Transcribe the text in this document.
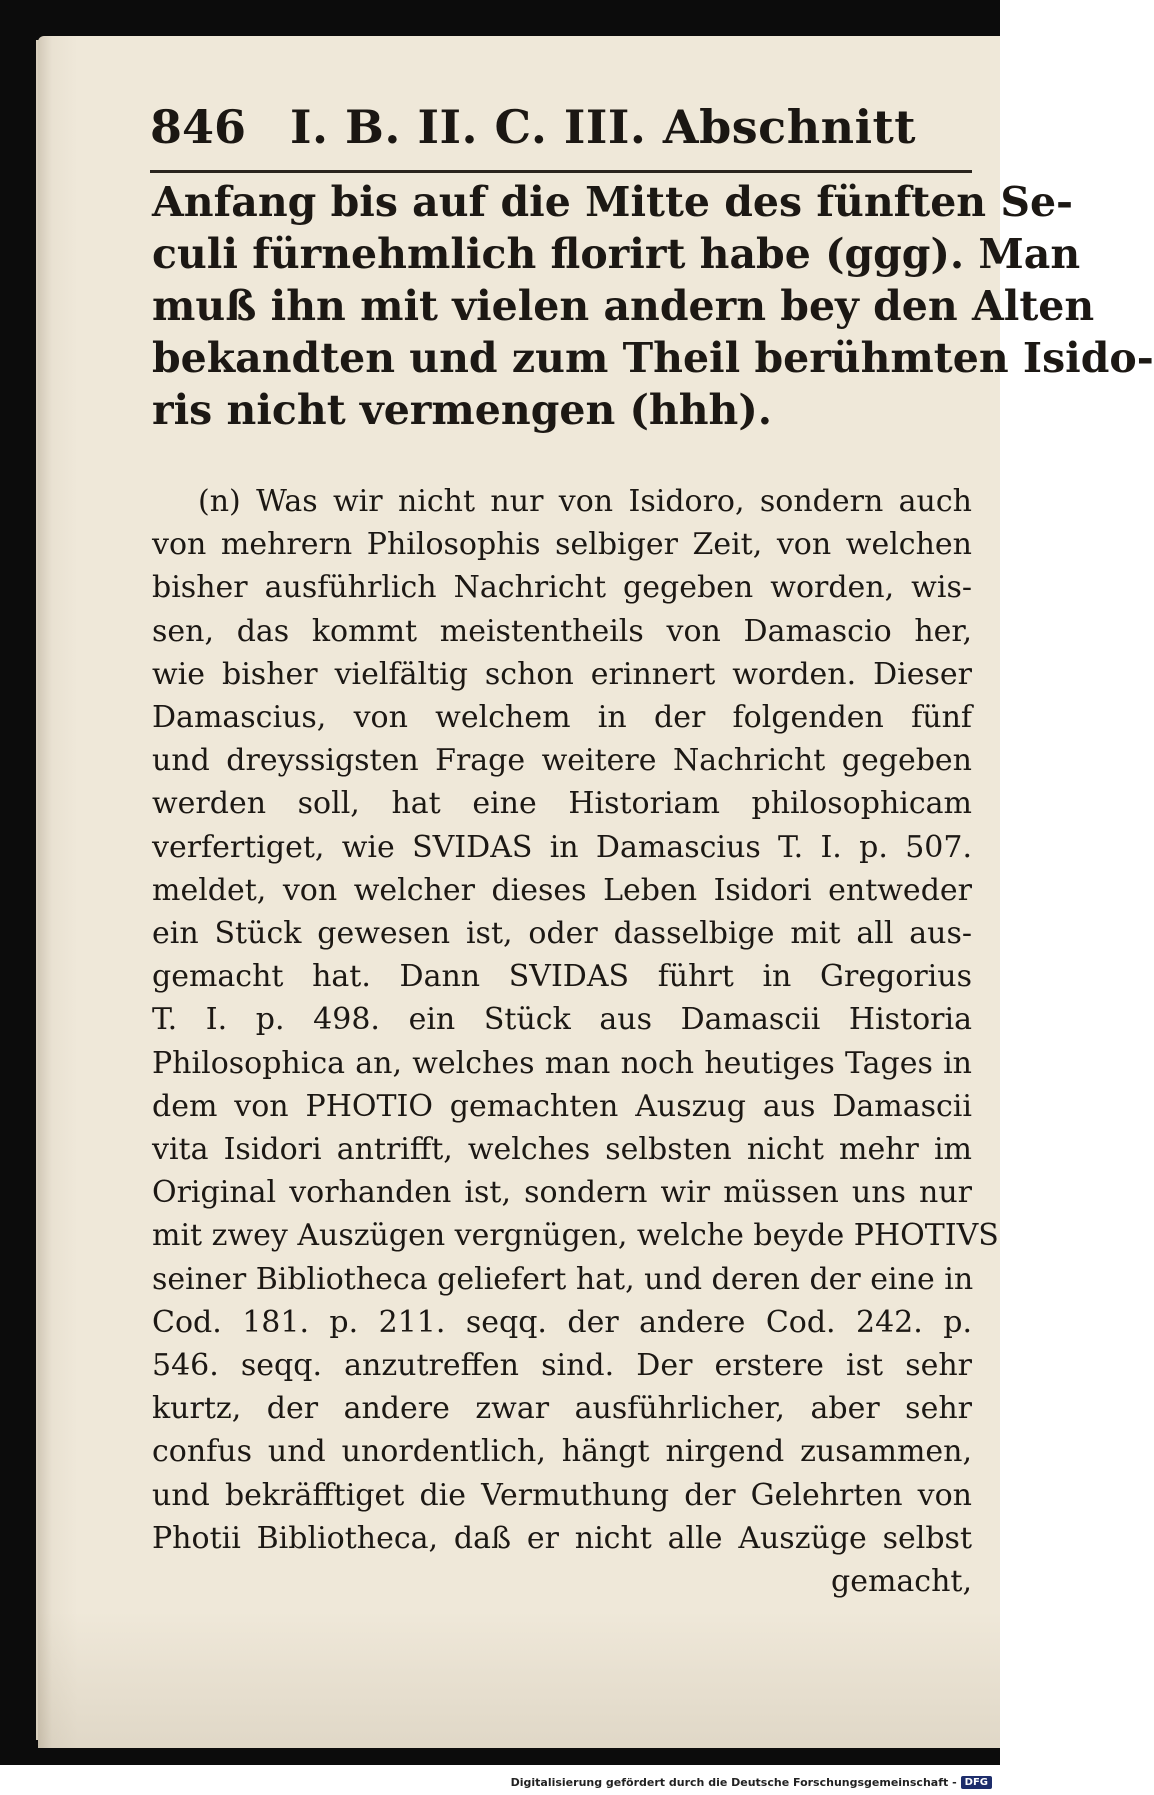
846 I. B. II. C. III. Abschnitt
Anfang bis auf die Mitte des fünften Se-
culi fürnehmlich florirt habe (ggg). Man
muß ihn mit vielen andern bey den Alten
bekandten und zum Theil berühmten Isido-
ris nicht vermengen (hhh).
(n) Was wir nicht nur von Isidoro, sondern auch
von mehrern Philosophis selbiger Zeit, von welchen
bisher ausführlich Nachricht gegeben worden, wis-
sen, das kommt meistentheils von Damascio her,
wie bisher vielfältig schon erinnert worden. Dieser
Damascius, von welchem in der folgenden fünf
und dreyssigsten Frage weitere Nachricht gegeben
werden soll, hat eine Historiam philosophicam
verfertiget, wie SVIDAS in Damascius T. I. p. 507.
meldet, von welcher dieses Leben Isidori entweder
ein Stück gewesen ist, oder dasselbige mit all aus-
gemacht hat. Dann SVIDAS führt in Gregorius
T. I. p. 498. ein Stück aus Damascii Historia
Philosophica an, welches man noch heutiges Tages in
dem von PHOTIO gemachten Auszug aus Damascii
vita Isidori antrifft, welches selbsten nicht mehr im
Original vorhanden ist, sondern wir müssen uns nur
mit zwey Auszügen vergnügen, welche beyde PHOTIVS
seiner Bibliotheca geliefert hat, und deren der eine in
Cod. 181. p. 211. seqq. der andere Cod. 242. p.
546. seqq. anzutreffen sind. Der erstere ist sehr
kurtz, der andere zwar ausführlicher, aber sehr
confus und unordentlich, hängt nirgend zusammen,
und bekräfftiget die Vermuthung der Gelehrten von
Photii Bibliotheca, daß er nicht alle Auszüge selbst
gemacht,
Digitalisierung gefördert durch die Deutsche Forschungsgemeinschaft - DFG
